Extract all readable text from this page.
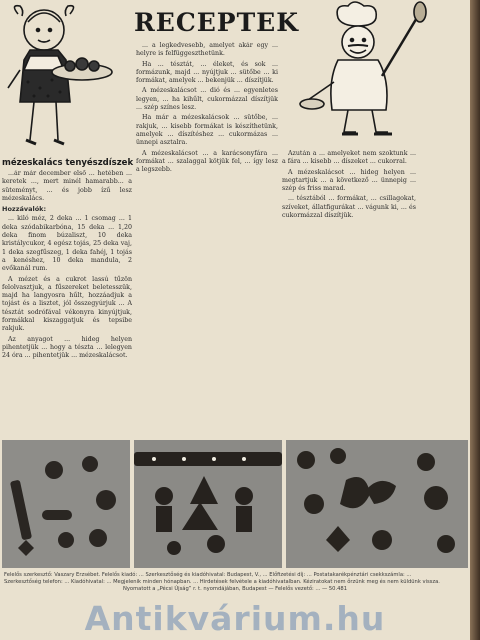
RECEPTEK
mézeskalács tenyészdíszek

...ár már december első ... hetében ... keretek ..., mert minél hamarabb... a süteményt, ... és jobb ízű lesz mézeskalács.

Hozzávalók:

... kiló méz, 2 deka ... 1 csomag ... 1 deka szódabikarbóna, 15 deka ... 1,20 deka finom búzaliszt, 10 deka kristálycukor, 4 egész tojás, 25 deka vaj, 1 deka szegfűszeg, 1 deka fahéj, 1 tojás a kenéshez, 10 deka mandula, 2 evőkanál rum.

A mézet és a cukrot lassú tűzön felolvasztjuk, a fűszereket beletesszük, majd ha langyosra hűlt, hozzáadjuk a tojást és a lisztet, jól összegyúrjuk ... A tésztát sodrófával vékonyra kinyújtjuk, formákkal kiszaggatjuk és tepsibe rakjuk.

Az anyagot ... hideg helyen pihentetjük ... hogy a tészta ... lelegyen 24 óra ... pihentetjük ... mézeskalácsot.

... a legkedvesebb, amelyet akár egy ... helyre is felfüggeszthetünk.

Ha ... tésztát, ... éleket, és sok ... formázunk, majd ... nyújtjuk ... sütőbe ... ki formákat, amelyek ... bekenjük ... díszítjük.

A mézeskalácsot ... dió és ... egyenletes legyen, ... ha kihűlt, cukormázzal díszítjük ... szép színes lesz.

Ha már a mézeskalácsok ... sütőbe, ... rakjuk, ... kisebb formákat is készíthetünk, amelyek ... díszítéshez ... cukormázas ... ünnepi asztalra.

A mézeskalácsot ... a karácsonyfára ... formákat ... szalaggal kötjük fel, ... így lesz a legszebb.

Azután a ... amelyeket nem szoktunk ... a fára ... kisebb ... díszeket ... cukorral.

A mézeskalácsot ... hideg helyen ... megtartjuk ... a következő ... ünnepig ... szép és friss marad.

... tésztából ... formákat, ... csillagokat, szíveket, állatfigurákat ... vágunk ki, ... és cukormázzal díszítjük.

Felelős szerkesztő: Vaszary Erzsébet. Felelős kiadó: ... Szerkesztőség és kiadóhivatal: Budapest, V., ... Előfizetési díj: ... Postatakarékpénztári csekkszámla: ...
Szerkesztőség telefon: ... Kiadóhivatal: ... Megjelenik minden hónapban. ... Hirdetések felvétele a kiadóhivatalban. Kéziratokat nem őrzünk meg és nem küldünk vissza.
Nyomatott a „Pécsi Újság” r. t. nyomdájában, Budapest — Felelős vezető: ... — 50.481
Antikvárium.hu
